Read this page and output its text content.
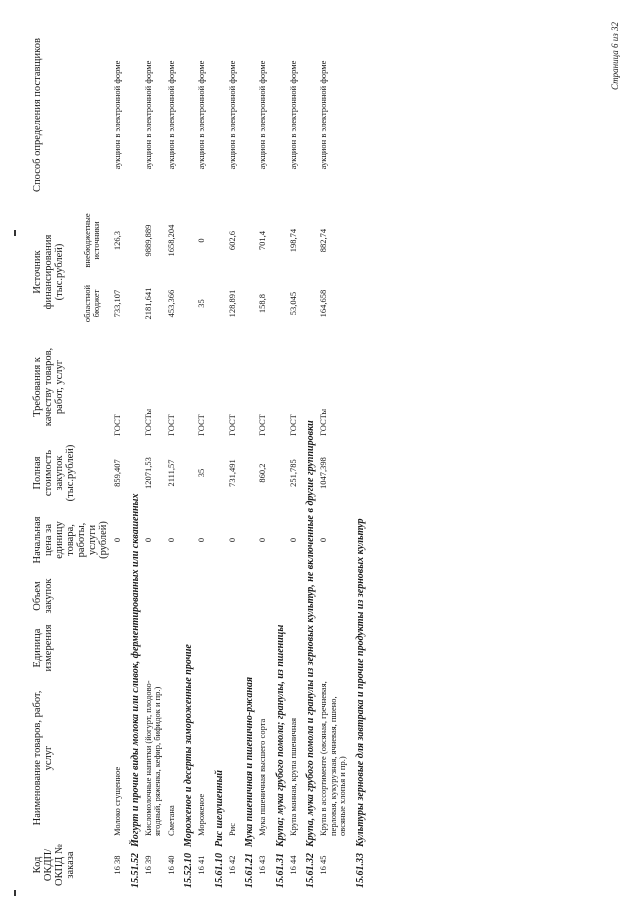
Код ОКДП/ ОКПД № заказа	Наименование товаров, работ, услуг	Единица измерения	Объем закупок	Начальная цена за единицу товара, работы, услуги (рублей)	Полная стоимость закупок (тыс.рублей)	Требования к качеству товаров, работ, услуг	Источник финансирования (тыс.рублей)		Способ определения поставщиков
							областной бюджет	внебюджетные источники	
16 38	Молоко сгущенное			0	859,407	ГОСТ	733,107	126,3	аукцион в электронной форме
15.51.52Йогурт и прочие виды молока или сливок, ферментированных или сквашенных									
16 39	Кисломолочные напитки (йогурт, плодово-ягодный, ряженка, кефир, бифидок и пр.)			0	12071,53	ГОСТы	2181,641	9889,889	аукцион в электронной форме
16 40	Сметана			0	2111,57	ГОСТ	453,366	1658,204	аукцион в электронной форме
15.52.10Мороженое и десерты замороженные прочие									
16 41	Мороженое			0	35	ГОСТ	35	0	аукцион в электронной форме
15.61.10Рис шелушенный									
16 42	Рис			0	731,491	ГОСТ	128,891	602,6	аукцион в электронной форме
15.61.21Мука пшеничная и пшенично-ржаная									
16 43	Мука пшеничная высшего сорта			0	860,2	ГОСТ	158,8	701,4	аукцион в электронной форме
15.61.31Крупа; мука грубого помола; гранулы, из пшеницы									
16 44	Крупа манная, крупа пшеничная			0	251,785	ГОСТ	53,045	198,74	аукцион в электронной форме
15.61.32Крупа, мука грубого помола и гранулы из зерновых культур, не включенные в другие группировки									
16 45	Крупа в ассортименте (овсяная, гречневая, перловая, кукурузная, ячневая, пшено, овсяные хлопья и пр.)			0	1047,398	ГОСТы	164,658	882,74	аукцион в электронной форме
15.61.33Культуры зерновые для завтрака и прочие продукты из зерновых культур									
Страница 6 из 32
